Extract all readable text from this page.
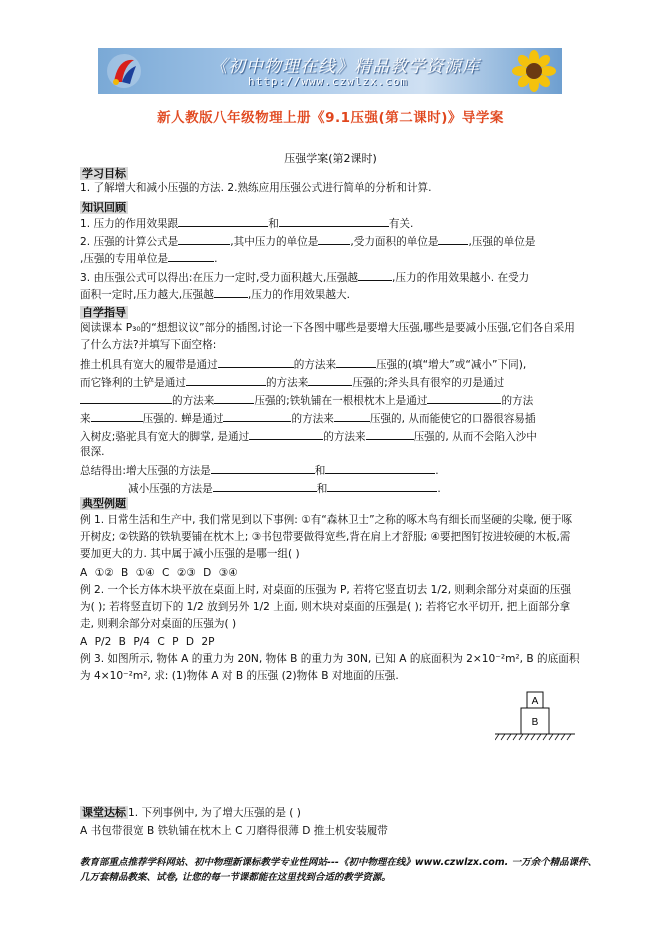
《初中物理在线》精品教学资源库
http://www.czwlzx.com
新人教版八年级物理上册《9.1压强(第二课时)》导学案
压强学案(第2课时)
学习目标
1. 了解增大和减小压强的方法. 2.熟练应用压强公式进行简单的分析和计算.
知识回顾
1. 压力的作用效果跟	和	有关.
2. 压强的计算公式是	,其中压力的单位是	,受力面积的单位是	,压强的单位是
,压强的专用单位是	.
3. 由压强公式可以得出:在压力一定时,受力面积越大,压强越	,压力的作用效果越小. 在受力
面积一定时,压力越大,压强越	,压力的作用效果越大.
自学指导
阅读课本 P₃₀的“想想议议”部分的插图,讨论一下各图中哪些是要增大压强,哪些是要减小压强,它们各自采用了什么方法?并填写下面空格:
推土机具有宽大的履带是通过	的方法来	压强的(填“增大”或“减小”下同),
而它锋利的土铲是通过	的方法来	压强的;斧头具有很窄的刃是通过
的方法来	压强的;铁轨铺在一根根枕木上是通过	的方法
来	压强的. 蝉是通过	的方法来	压强的, 从而能使它的口器很容易插
入树皮;骆驼具有宽大的脚掌, 是通过	的方法来	压强的, 从而不会陷入沙中
很深.
总结得出:增大压强的方法是	和	.
减小压强的方法是	和	.
典型例题
例 1. 日常生活和生产中, 我们常见到以下事例: ①有“森林卫士”之称的啄木鸟有细长而坚硬的尖喙, 便于啄开树皮; ②铁路的铁轨要铺在枕木上; ③书包带要做得宽些,背在肩上才舒服; ④要把图钉按进较硬的木板,需要加更大的力. 其中属于减小压强的是哪一组( )
A ①② B ①④ C ②③ D ③④
例 2. 一个长方体木块平放在桌面上时, 对桌面的压强为 P, 若将它竖直切去 1/2, 则剩余部分对桌面的压强为( ); 若将竖直切下的 1/2 放到另外 1/2 上面, 则木块对桌面的压强是( ); 若将它水平切开, 把上面部分拿走, 则剩余部分对桌面的压强为( )
A P/2 B P/4 C P D 2P
例 3. 如图所示, 物体 A 的重力为 20N, 物体 B 的重力为 30N, 已知 A 的底面积为 2×10⁻²m², B 的底面积为 4×10⁻²m², 求: (1)物体 A 对 B 的压强 (2)物体 B 对地面的压强.
A
B
课堂达标 1. 下列事例中, 为了增大压强的是 ( )
A 书包带很宽 B 铁轨铺在枕木上 C 刀磨得很薄 D 推土机安装履带
教育部重点推荐学科网站、初中物理新课标教学专业性网站---《初中物理在线》www.czwlzx.com. 一万余个精品课件、几万套精品教案、试卷, 让您的每一节课都能在这里找到合适的教学资源。
